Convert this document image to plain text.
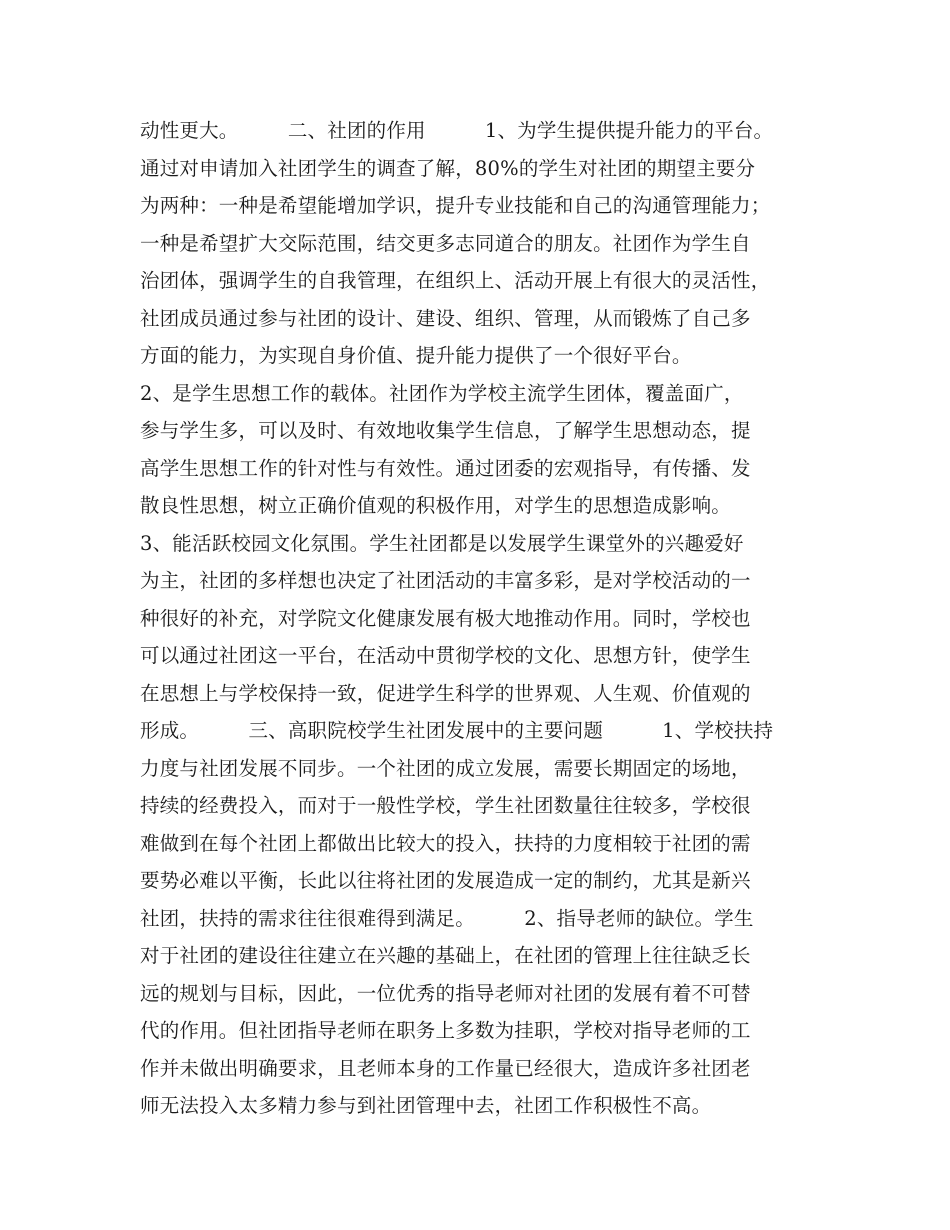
动性更大。　　　二、社团的作用　　　1、为学生提供提升能力的平台。
通过对申请加入社团学生的调查了解，80%的学生对社团的期望主要分
为两种：一种是希望能增加学识，提升专业技能和自己的沟通管理能力；
一种是希望扩大交际范围，结交更多志同道合的朋友。社团作为学生自
治团体，强调学生的自我管理，在组织上、活动开展上有很大的灵活性，
社团成员通过参与社团的设计、建设、组织、管理，从而锻炼了自己多
方面的能力，为实现自身价值、提升能力提供了一个很好平台。
2、是学生思想工作的载体。社团作为学校主流学生团体，覆盖面广，
参与学生多，可以及时、有效地收集学生信息，了解学生思想动态，提
高学生思想工作的针对性与有效性。通过团委的宏观指导，有传播、发
散良性思想，树立正确价值观的积极作用，对学生的思想造成影响。
3、能活跃校园文化氛围。学生社团都是以发展学生课堂外的兴趣爱好
为主，社团的多样想也决定了社团活动的丰富多彩，是对学校活动的一
种很好的补充，对学院文化健康发展有极大地推动作用。同时，学校也
可以通过社团这一平台，在活动中贯彻学校的文化、思想方针，使学生
在思想上与学校保持一致，促进学生科学的世界观、人生观、价值观的
形成。　　　三、高职院校学生社团发展中的主要问题　　　1、学校扶持
力度与社团发展不同步。一个社团的成立发展，需要长期固定的场地，
持续的经费投入，而对于一般性学校，学生社团数量往往较多，学校很
难做到在每个社团上都做出比较大的投入，扶持的力度相较于社团的需
要势必难以平衡，长此以往将社团的发展造成一定的制约，尤其是新兴
社团，扶持的需求往往很难得到满足。　　　2、指导老师的缺位。学生
对于社团的建设往往建立在兴趣的基础上，在社团的管理上往往缺乏长
远的规划与目标，因此，一位优秀的指导老师对社团的发展有着不可替
代的作用。但社团指导老师在职务上多数为挂职，学校对指导老师的工
作并未做出明确要求，且老师本身的工作量已经很大，造成许多社团老
师无法投入太多精力参与到社团管理中去，社团工作积极性不高。
